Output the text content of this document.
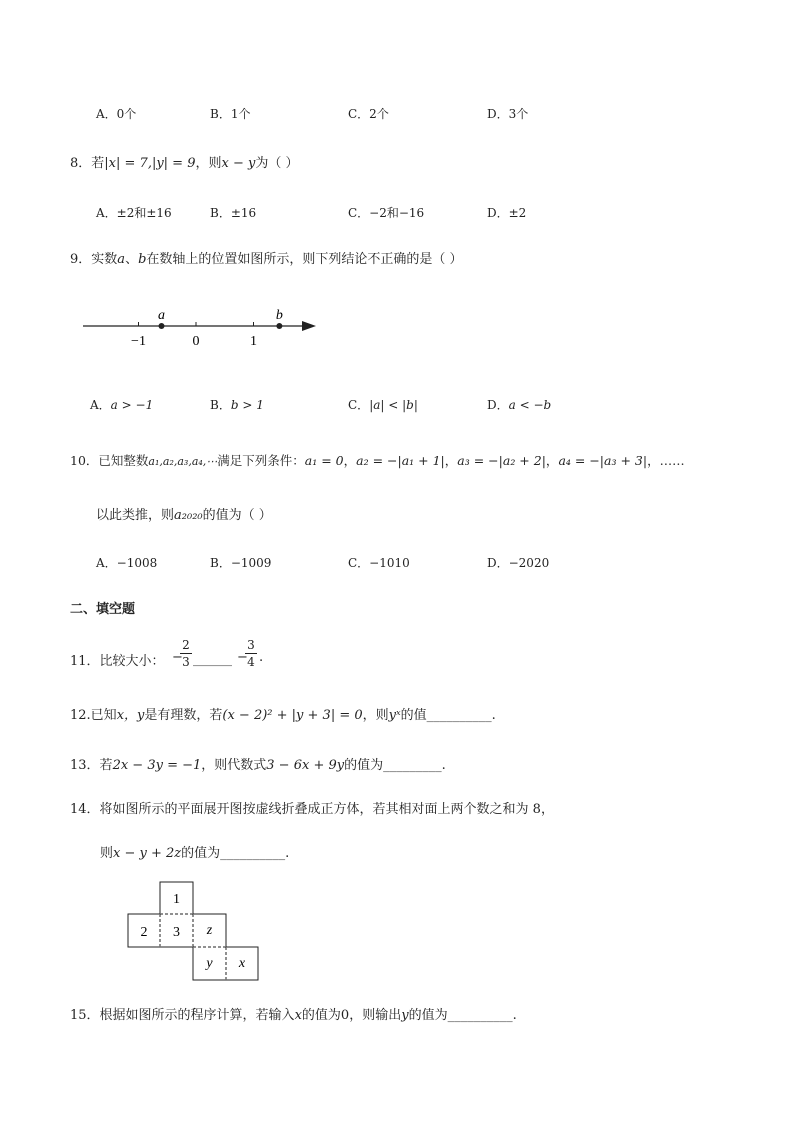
A．0个	B．1个	C．2个	D．3个
8．若|x| = 7,|y| = 9，则x − y为（ ）
A．±2和±16	B．±16	C．−2和−16	D．±2
9．实数a、b在数轴上的位置如图所示，则下列结论不正确的是（ ）
a	b
−1	0	1
A．a > −1	B．b > 1	C．|a| < |b|	D．a < −b
10．已知整数a₁,a₂,a₃,a₄,⋯满足下列条件：a₁ = 0，a₂ = −|a₁ + 1|，a₃ = −|a₂ + 2|，a₄ = −|a₃ + 3|，……
以此类推，则a₂₀₂₀的值为（ ）
A．−1008	B．−1009	C．−1010	D．−2020
二、填空题
11．比较大小： −
2
3 ______ −
3
4 .
12.已知x，y是有理数，若(x − 2)² + |y + 3| = 0，则yˣ的值__________.
13．若2x − 3y = −1，则代数式3 − 6x + 9y的值为_________.
14．将如图所示的平面展开图按虚线折叠成正方体，若其相对面上两个数之和为 8，
则x − y + 2z的值为__________.
1
2 3 z
y x
15．根据如图所示的程序计算，若输入x的值为0，则输出y的值为__________.
